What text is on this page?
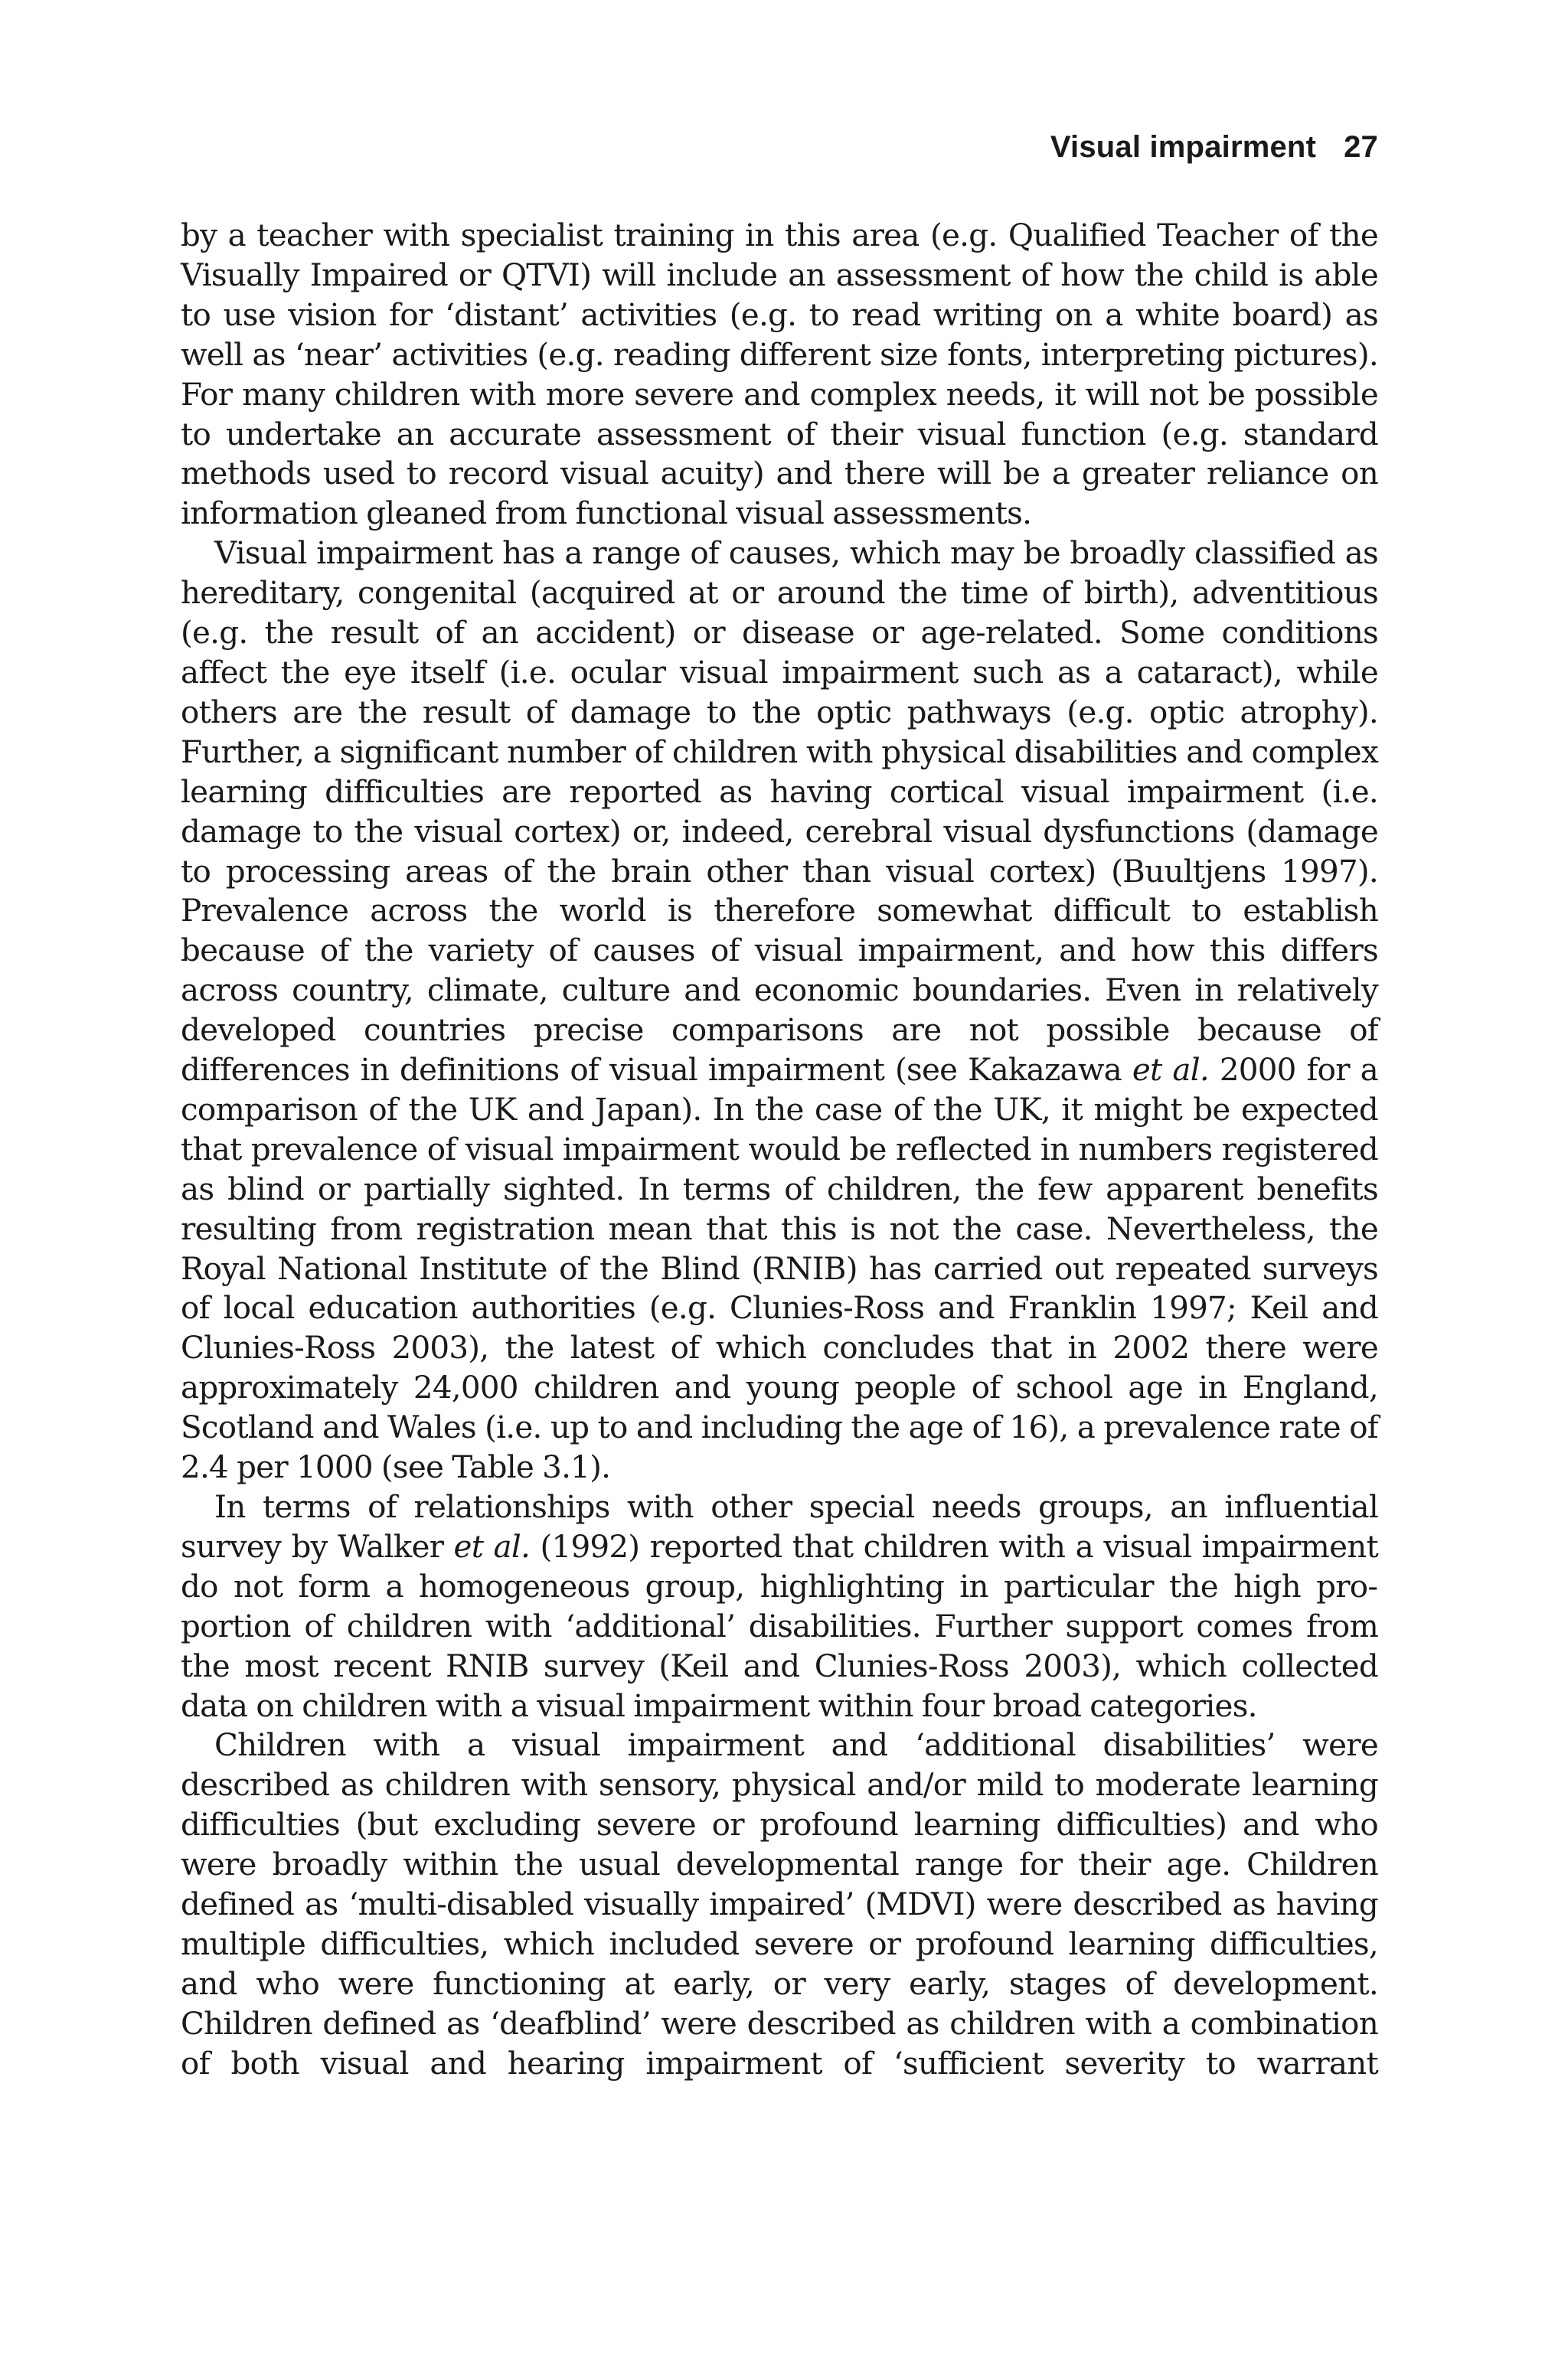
Visual impairment 27

by a teacher with specialist training in this area (e.g. Qualified Teacher of the Visually Impaired or QTVI) will include an assessment of how the child is able to use vision for ‘distant’ activities (e.g. to read writing on a white board) as well as ‘near’ activities (e.g. reading different size fonts, interpreting pictures). For many children with more severe and complex needs, it will not be possible to undertake an accurate assessment of their visual function (e.g. standard methods used to record visual acuity) and there will be a greater reliance on information gleaned from functional visual assessments.

Visual impairment has a range of causes, which may be broadly classified as hereditary, congenital (acquired at or around the time of birth), adventitious (e.g. the result of an accident) or disease or age-related. Some conditions affect the eye itself (i.e. ocular visual impairment such as a cataract), while others are the result of damage to the optic pathways (e.g. optic atrophy). Further, a significant number of children with physical disabilities and complex learning difficulties are reported as having cortical visual impairment (i.e. damage to the visual cortex) or, indeed, cerebral visual dysfunctions (damage to processing areas of the brain other than visual cortex) (Buultjens 1997). Prevalence across the world is therefore somewhat difficult to establish because of the variety of causes of visual impairment, and how this differs across country, climate, culture and economic boundaries. Even in relatively developed countries precise comparisons are not possible because of differences in definitions of visual impairment (see Kakazawa et al. 2000 for a comparison of the UK and Japan). In the case of the UK, it might be expected that prevalence of visual impairment would be reflected in numbers registered as blind or partially sighted. In terms of children, the few apparent benefits resulting from registration mean that this is not the case. Nevertheless, the Royal National Institute of the Blind (RNIB) has carried out repeated surveys of local education authorities (e.g. Clunies-Ross and Franklin 1997; Keil and Clunies-Ross 2003), the latest of which concludes that in 2002 there were approximately 24,000 children and young people of school age in England, Scotland and Wales (i.e. up to and including the age of 16), a prevalence rate of 2.4 per 1000 (see Table 3.1).

In terms of relationships with other special needs groups, an influential survey by Walker et al. (1992) reported that children with a visual impairment do not form a homogeneous group, highlighting in particular the high proportion of children with ‘additional’ disabilities. Further support comes from the most recent RNIB survey (Keil and Clunies-Ross 2003), which collected data on children with a visual impairment within four broad categories.

Children with a visual impairment and ‘additional disabilities’ were described as children with sensory, physical and/or mild to moderate learning difficulties (but excluding severe or profound learning difficulties) and who were broadly within the usual developmental range for their age. Children defined as ‘multi-disabled visually impaired’ (MDVI) were described as having multiple difficulties, which included severe or profound learning difficulties, and who were functioning at early, or very early, stages of development. Children defined as ‘deafblind’ were described as children with a combination of both visual and hearing impairment of ‘sufficient severity to warrant
